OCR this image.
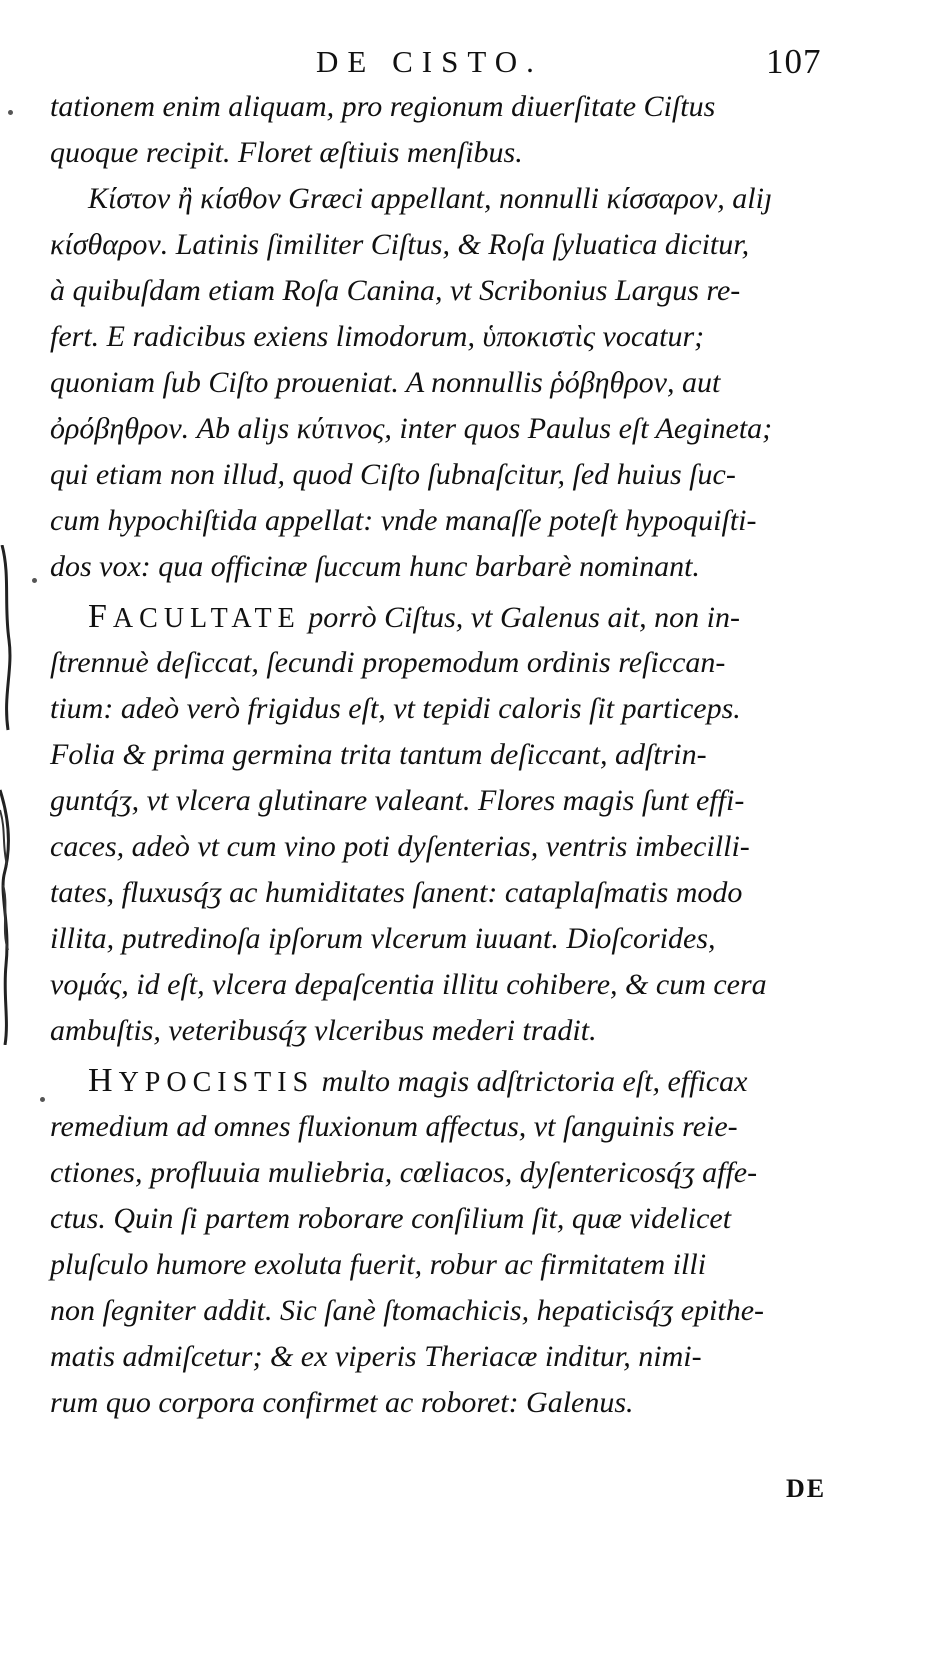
DE CISTO.	107
tationem enim aliquam, pro regionum diuerſitate Ciſtus
quoque recipit. Floret æſtiuis menſibus.
Κίστον ἢ κίσθον Græci appellant, nonnulli κίσσαρον, aliȷ
κίσθαρον. Latinis ſimiliter Ciſtus, & Roſa ſyluatica dicitur,
à quibuſdam etiam Roſa Canina, vt Scribonius Largus re-
fert. E radicibus exiens limodorum, ὑποκιστὶς vocatur;
quoniam ſub Ciſto proueniat. A nonnullis ῥόβηθρον, aut
ὀρόβηθρον. Ab aliȷs κύτινος, inter quos Paulus eſt Aegineta;
qui etiam non illud, quod Ciſto ſubnaſcitur, ſed huius ſuc-
cum hypochiſtida appellat: vnde manaſſe poteſt hypoquiſti-
dos vox: qua officinæ ſuccum hunc barbarè nominant.
FACULTATE porrò Ciſtus, vt Galenus ait, non in-
ſtrennuè deſiccat, ſecundi propemodum ordinis reſiccan-
tium: adeò verò frigidus eſt, vt tepidi caloris ſit particeps.
Folia & prima germina trita tantum deſiccant, adſtrin-
guntq́ʒ, vt vlcera glutinare valeant. Flores magis ſunt effi-
caces, adeò vt cum vino poti dyſenterias, ventris imbecilli-
tates, fluxusq́ʒ ac humiditates ſanent: cataplaſmatis modo
illita, putredinoſa ipſorum vlcerum iuuant. Dioſcorides,
νομάς, id eſt, vlcera depaſcentia illitu cohibere, & cum cera
ambuſtis, veteribusq́ʒ vlceribus mederi tradit.
HYPOCISTIS multo magis adſtrictoria eſt, efficax
remedium ad omnes fluxionum affectus, vt ſanguinis reie-
ctiones, profluuia muliebria, cœliacos, dyſentericosq́ʒ affe-
ctus. Quin ſi partem roborare conſilium ſit, quæ videlicet
pluſculo humore exoluta fuerit, robur ac firmitatem illi
non ſegniter addit. Sic ſanè ſtomachicis, hepaticisq́ʒ epithe-
matis admiſcetur; & ex viperis Theriacæ inditur, nimi-
rum quo corpora confirmet ac roboret: Galenus.
DE
